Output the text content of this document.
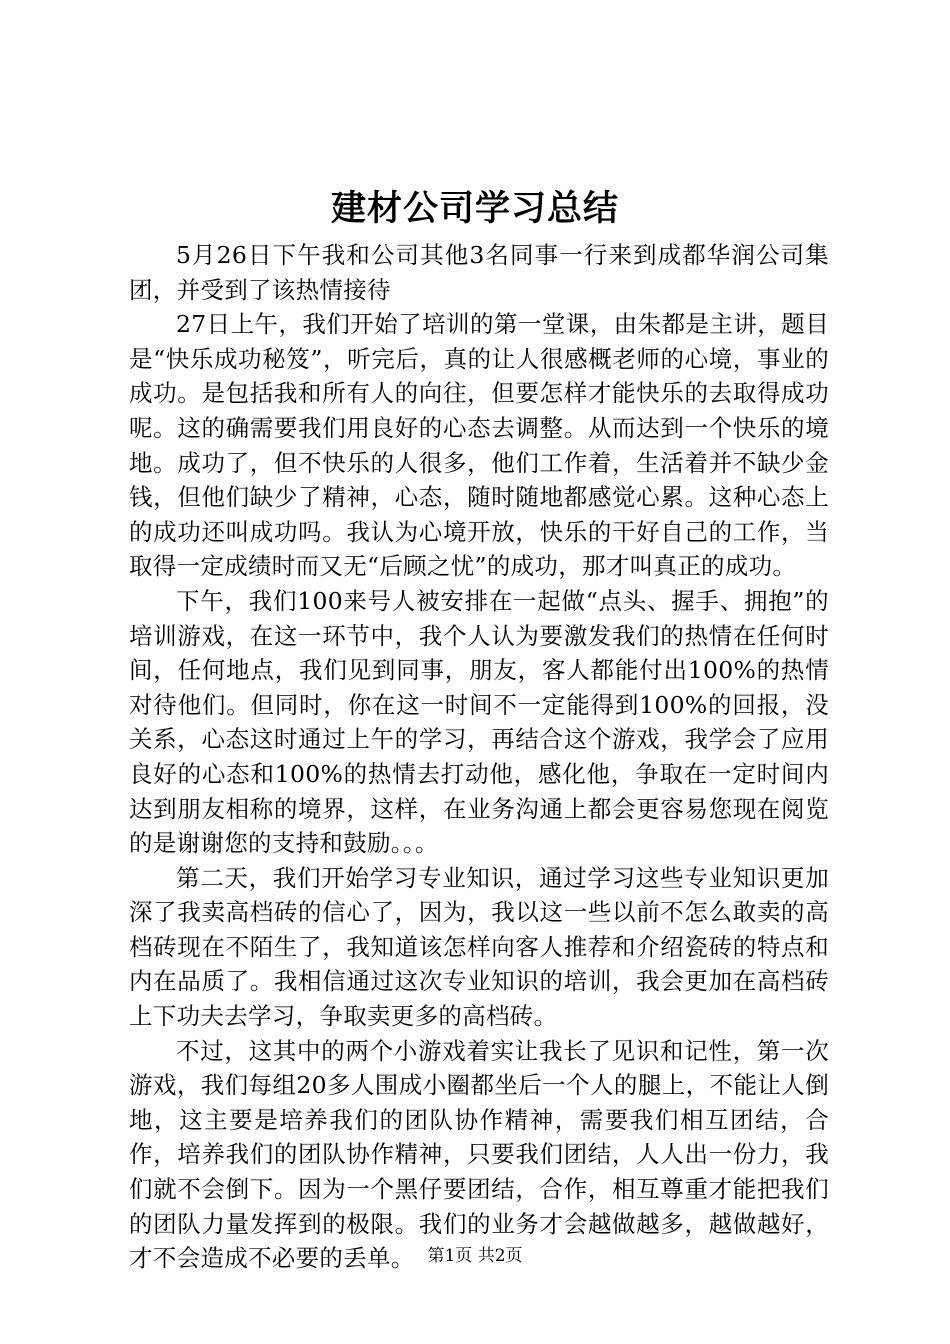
建材公司学习总结

5月26日下午我和公司其他3名同事一行来到成都华润公司集团，并受到了该热情接待

27日上午，我们开始了培训的第一堂课，由朱都是主讲，题目是“快乐成功秘笈”，听完后，真的让人很感概老师的心境，事业的成功。是包括我和所有人的向往，但要怎样才能快乐的去取得成功呢。这的确需要我们用良好的心态去调整。从而达到一个快乐的境地。成功了，但不快乐的人很多，他们工作着，生活着并不缺少金钱，但他们缺少了精神，心态，随时随地都感觉心累。这种心态上的成功还叫成功吗。我认为心境开放，快乐的干好自己的工作，当取得一定成绩时而又无“后顾之忧”的成功，那才叫真正的成功。

下午，我们100来号人被安排在一起做“点头、握手、拥抱”的培训游戏，在这一环节中，我个人认为要激发我们的热情在任何时间，任何地点，我们见到同事，朋友，客人都能付出100%的热情对待他们。但同时，你在这一时间不一定能得到100%的回报，没关系，心态这时通过上午的学习，再结合这个游戏，我学会了应用良好的心态和100%的热情去打动他，感化他，争取在一定时间内达到朋友相称的境界，这样，在业务沟通上都会更容易您现在阅览的是谢谢您的支持和鼓励。。。

第二天，我们开始学习专业知识，通过学习这些专业知识更加深了我卖高档砖的信心了，因为，我以这一些以前不怎么敢卖的高档砖现在不陌生了，我知道该怎样向客人推荐和介绍瓷砖的特点和内在品质了。我相信通过这次专业知识的培训，我会更加在高档砖上下功夫去学习，争取卖更多的高档砖。

不过，这其中的两个小游戏着实让我长了见识和记性，第一次游戏，我们每组20多人围成小圈都坐后一个人的腿上，不能让人倒地，这主要是培养我们的团队协作精神，需要我们相互团结，合作，培养我们的团队协作精神，只要我们团结，人人出一份力，我们就不会倒下。因为一个黑仔要团结，合作，相互尊重才能把我们的团队力量发挥到的极限。我们的业务才会越做越多，越做越好，才不会造成不必要的丢单。 第1页 共2页
